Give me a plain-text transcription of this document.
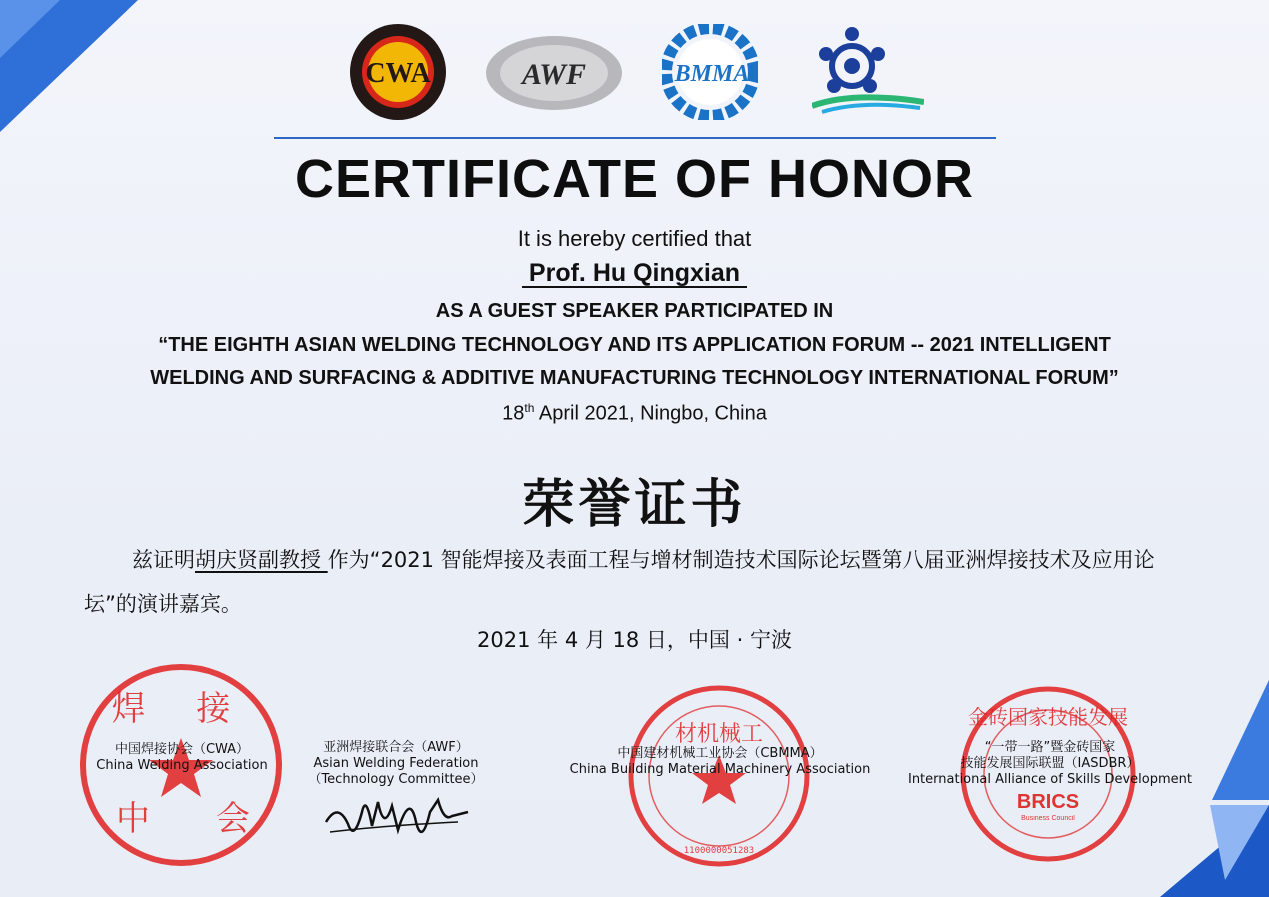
CWA	AWF	BMMA
CERTIFICATE OF HONOR
It is hereby certified that
Prof. Hu Qingxian
AS A GUEST SPEAKER PARTICIPATED IN
“THE EIGHTH ASIAN WELDING TECHNOLOGY AND ITS APPLICATION FORUM -- 2021 INTELLIGENT
WELDING AND SURFACING & ADDITIVE MANUFACTURING TECHNOLOGY INTERNATIONAL FORUM”
18th April 2021, Ningbo, China
荣誉证书
兹证明胡庆贤副教授 作为“2021 智能焊接及表面工程与增材制造技术国际论坛暨第八届亚洲焊接技术及应用论坛”的演讲嘉宾。
2021 年 4 月 18 日，中国 · 宁波
焊 接
中 会
中国焊接协会（CWA）
China Welding Association
亚洲焊接联合会（AWF）
Asian Welding Federation
（Technology Committee）
材机械工
1100000051283
中国建材机械工业协会（CBMMA）
China Building Material Machinery Association
金砖国家技能发展
BRICS
Business Council
“一带一路”暨金砖国家
技能发展国际联盟（IASDBR）
International Alliance of Skills Development
